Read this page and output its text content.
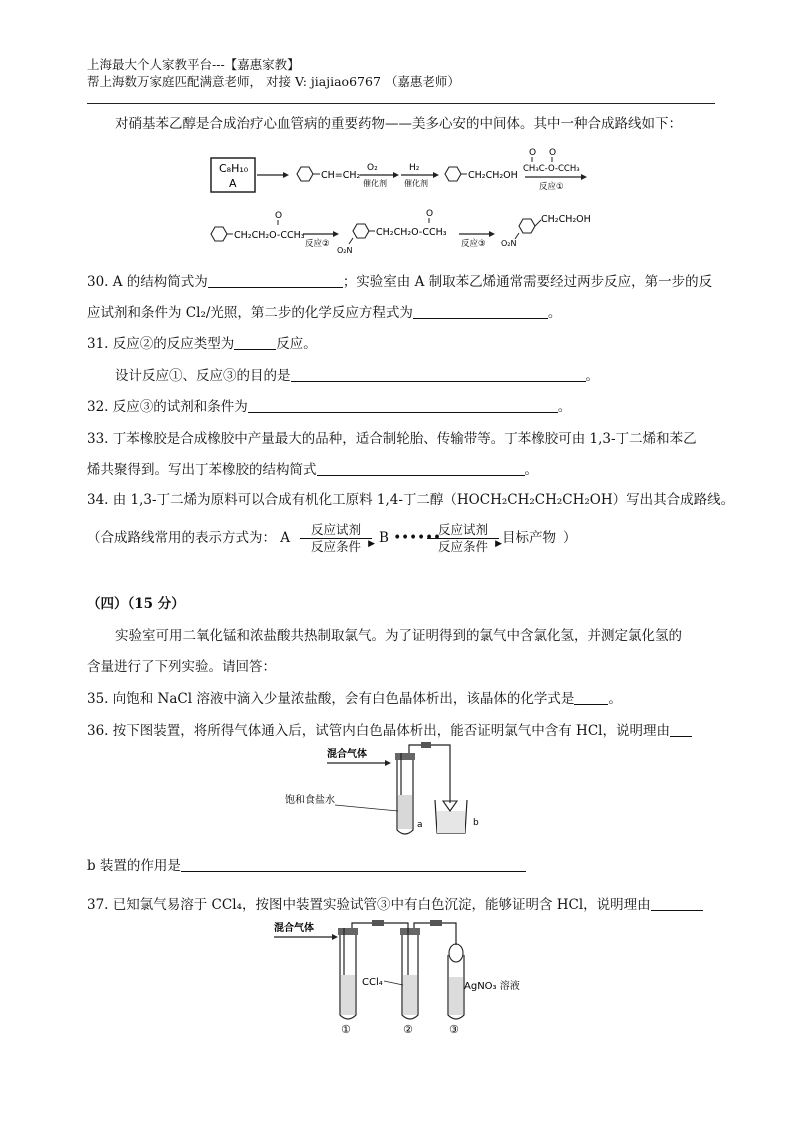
上海最大个人家教平台---【嘉惠家教】
帮上海数万家庭匹配满意老师， 对接 V: jiajiao6767 （嘉惠老师）
对硝基苯乙醇是合成治疗心血管病的重要药物——美多心安的中间体。其中一种合成路线如下：
C₈H₁₀
A
CH=CH₂
O₂
催化剂
H₂
催化剂
CH₂CH₂OH
O O
CH₃C-O-CCH₃
反应①
O
CH₂CH₂O-CCH₃
反应②
O
CH₂CH₂O-CCH₃
O₂N
反应③
CH₂CH₂OH
O₂N
30. A 的结构简式为	；实验室由 A 制取苯乙烯通常需要经过两步反应，第一步的反
应试剂和条件为 Cl₂/光照，第二步的化学反应方程式为	。
31. 反应②的反应类型为	反应。
设计反应①、反应③的目的是	。
32. 反应③的试剂和条件为	。
33. 丁苯橡胶是合成橡胶中产量最大的品种，适合制轮胎、传输带等。丁苯橡胶可由 1,3-丁二烯和苯乙
烯共聚得到。写出丁苯橡胶的结构简式	。
34. 由 1,3-丁二烯为原料可以合成有机化工原料 1,4-丁二醇（HOCH₂CH₂CH₂CH₂OH）写出其合成路线。
（合成路线常用的表示方式为： A
反应试剂
▶
反应条件
B ••••••
反应试剂
▶
反应条件
目标产物 ）
（四）（15 分）
实验室可用二氧化锰和浓盐酸共热制取氯气。为了证明得到的氯气中含氯化氢，并测定氯化氢的
含量进行了下列实验。请回答：
35. 向饱和 NaCl 溶液中滴入少量浓盐酸，会有白色晶体析出，该晶体的化学式是	。
36. 按下图装置，将所得气体通入后，试管内白色晶体析出，能否证明氯气中含有 HCl，说明理由
混合气体
饱和食盐水
a	b
b 装置的作用是
37. 已知氯气易溶于 CCl₄，按图中装置实验试管③中有白色沉淀，能够证明含 HCl，说明理由
混合气体
CCl₄	AgNO₃ 溶液
①	②	③
